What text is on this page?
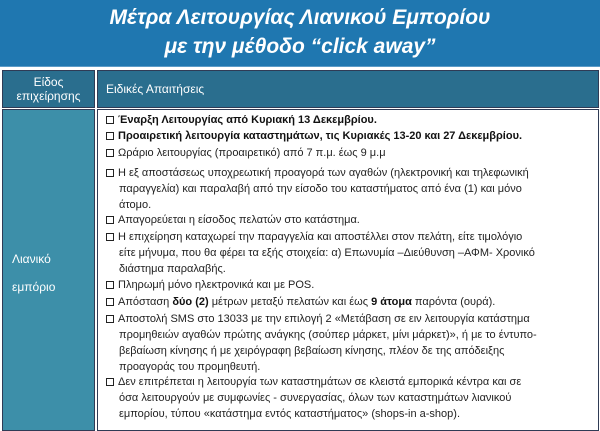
Μέτρα Λειτουργίας Λιανικού Εμπορίου
με την μέθοδο “click away”
Είδος
επιχείρησης Ειδικές Απαιτήσεις
Λιανικό
εμπόριο
Έναρξη Λειτουργίας από Κυριακή 13 Δεκεμβρίου.
Προαιρετική λειτουργία καταστημάτων, τις Κυριακές 13-20 και 27 Δεκεμβρίου.
Ωράριο λειτουργίας (προαιρετικό) από 7 π.μ. έως 9 μ.μ
Η εξ αποστάσεως υποχρεωτική προαγορά των αγαθών (ηλεκτρονική και τηλεφωνική
παραγγελία) και παραλαβή από την είσοδο του καταστήματος από ένα (1) και μόνο
άτομο.
Απαγορεύεται η είσοδος πελατών στο κατάστημα.
Η επιχείρηση καταχωρεί την παραγγελία και αποστέλλει στον πελάτη, είτε τιμολόγιο
είτε μήνυμα, που θα φέρει τα εξής στοιχεία: α) Επωνυμία –Διεύθυνση –ΑΦΜ- Χρονικό
διάστημα παραλαβής.
Πληρωμή μόνο ηλεκτρονικά και με POS.
Απόσταση δύο (2) μέτρων μεταξύ πελατών και έως 9 άτομα παρόντα (ουρά).
Αποστολή SMS στο 13033 με την επιλογή 2 «Μετάβαση σε ειν λειτουργία κατάστημα
προμηθειών αγαθών πρώτης ανάγκης (σούπερ μάρκετ, μίνι μάρκετ)», ή με το έντυπο-
βεβαίωση κίνησης ή με χειρόγραφη βεβαίωση κίνησης, πλέον δε της απόδειξης
προαγοράς του προμηθευτή.
Δεν επιτρέπεται η λειτουργία των καταστημάτων σε κλειστά εμπορικά κέντρα και σε
όσα λειτουργούν με συμφωνίες - συνεργασίας, όλων των καταστημάτων λιανικού
εμπορίου, τύπου «κατάστημα εντός καταστήματος» (shops-in a-shop).
